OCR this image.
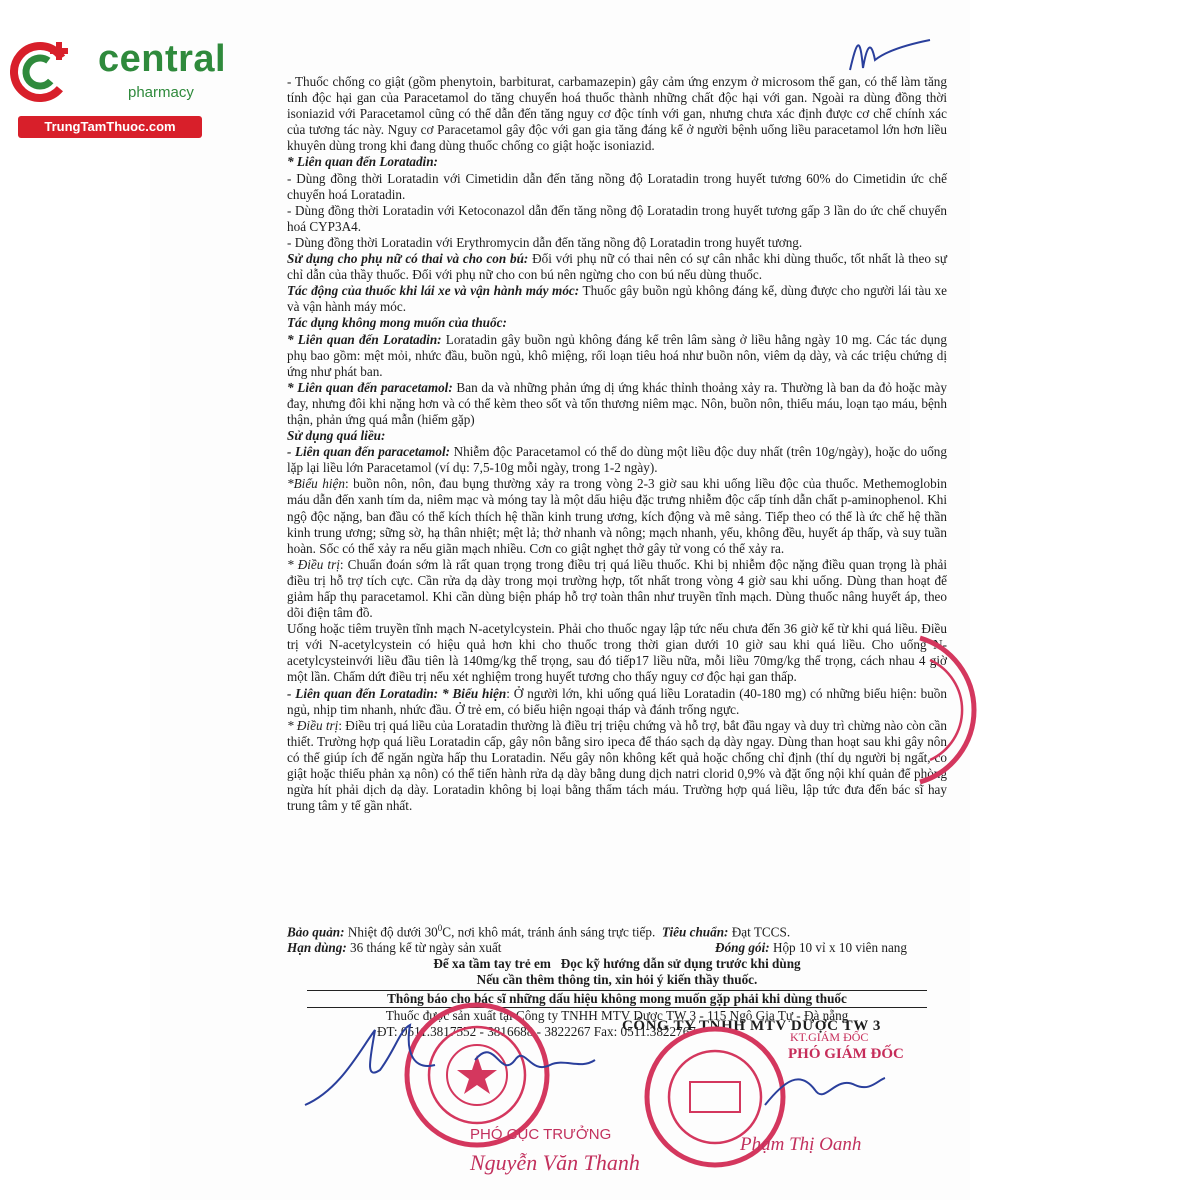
central
pharmacy
TrungTamThuoc.com

- Thuốc chống co giật (gồm phenytoin, barbiturat, carbamazepin) gây cảm ứng enzym ở microsom thể gan, có thể làm tăng tính độc hại gan của Paracetamol do tăng chuyển hoá thuốc thành những chất độc hại với gan. Ngoài ra dùng đồng thời isoniazid với Paracetamol cũng có thể dẫn đến tăng nguy cơ độc tính với gan, nhưng chưa xác định được cơ chế chính xác của tương tác này. Nguy cơ Paracetamol gây độc với gan gia tăng đáng kể ở người bệnh uống liều paracetamol lớn hơn liều khuyên dùng trong khi đang dùng thuốc chống co giật hoặc isoniazid.

* Liên quan đến Loratadin:

- Dùng đồng thời Loratadin với Cimetidin dẫn đến tăng nồng độ Loratadin trong huyết tương 60% do Cimetidin ức chế chuyển hoá Loratadin.

- Dùng đồng thời Loratadin với Ketoconazol dẫn đến tăng nồng độ Loratadin trong huyết tương gấp 3 lần do ức chế chuyển hoá CYP3A4.

- Dùng đồng thời Loratadin với Erythromycin dẫn đến tăng nồng độ Loratadin trong huyết tương.

Sử dụng cho phụ nữ có thai và cho con bú: Đối với phụ nữ có thai nên có sự cân nhắc khi dùng thuốc, tốt nhất là theo sự chỉ dẫn của thầy thuốc. Đối với phụ nữ cho con bú nên ngừng cho con bú nếu dùng thuốc.

Tác động của thuốc khi lái xe và vận hành máy móc: Thuốc gây buồn ngủ không đáng kể, dùng được cho người lái tàu xe và vận hành máy móc.

Tác dụng không mong muốn của thuốc:

* Liên quan đến Loratadin: Loratadin gây buồn ngủ không đáng kể trên lâm sàng ở liều hằng ngày 10 mg. Các tác dụng phụ bao gồm: mệt mỏi, nhức đầu, buồn ngủ, khô miệng, rối loạn tiêu hoá như buồn nôn, viêm dạ dày, và các triệu chứng dị ứng như phát ban.

* Liên quan đến paracetamol: Ban da và những phản ứng dị ứng khác thỉnh thoảng xảy ra. Thường là ban da đỏ hoặc mày đay, nhưng đôi khi nặng hơn và có thể kèm theo sốt và tổn thương niêm mạc. Nôn, buồn nôn, thiếu máu, loạn tạo máu, bệnh thận, phản ứng quá mẫn (hiếm gặp)

Sử dụng quá liều:

- Liên quan đến paracetamol: Nhiễm độc Paracetamol có thể do dùng một liều độc duy nhất (trên 10g/ngày), hoặc do uống lặp lại liều lớn Paracetamol (ví dụ: 7,5-10g mỗi ngày, trong 1-2 ngày).

*Biểu hiện: buồn nôn, nôn, đau bụng thường xảy ra trong vòng 2-3 giờ sau khi uống liều độc của thuốc. Methemoglobin máu dẫn đến xanh tím da, niêm mạc và móng tay là một dấu hiệu đặc trưng nhiễm độc cấp tính dẫn chất p-aminophenol. Khi ngộ độc nặng, ban đầu có thể kích thích hệ thần kinh trung ương, kích động và mê sảng. Tiếp theo có thể là ức chế hệ thần kinh trung ương; sững sờ, hạ thân nhiệt; mệt lả; thở nhanh và nông; mạch nhanh, yếu, không đều, huyết áp thấp, và suy tuần hoàn. Sốc có thể xảy ra nếu giãn mạch nhiều. Cơn co giật nghẹt thở gây tử vong có thể xảy ra.

* Điều trị: Chuẩn đoán sớm là rất quan trọng trong điều trị quá liều thuốc. Khi bị nhiễm độc nặng điều quan trọng là phải điều trị hỗ trợ tích cực. Cần rửa dạ dày trong mọi trường hợp, tốt nhất trong vòng 4 giờ sau khi uống. Dùng than hoạt để giảm hấp thụ paracetamol. Khi cần dùng biện pháp hỗ trợ toàn thân như truyền tĩnh mạch. Dùng thuốc nâng huyết áp, theo dõi điện tâm đồ.

Uống hoặc tiêm truyền tĩnh mạch N-acetylcystein. Phải cho thuốc ngay lập tức nếu chưa đến 36 giờ kể từ khi quá liều. Điều trị với N-acetylcystein có hiệu quả hơn khi cho thuốc trong thời gian dưới 10 giờ sau khi quá liều. Cho uống N-acetylcysteinvới liều đầu tiên là 140mg/kg thể trọng, sau đó tiếp17 liều nữa, mỗi liều 70mg/kg thể trọng, cách nhau 4 giờ một lần. Chấm dứt điều trị nếu xét nghiệm trong huyết tương cho thấy nguy cơ độc hại gan thấp.

- Liên quan đến Loratadin: * Biểu hiện: Ở người lớn, khi uống quá liều Loratadin (40-180 mg) có những biểu hiện: buồn ngủ, nhịp tim nhanh, nhức đầu. Ở trẻ em, có biểu hiện ngoại tháp và đánh trống ngực.

* Điều trị: Điều trị quá liều của Loratadin thường là điều trị triệu chứng và hỗ trợ, bắt đầu ngay và duy trì chừng nào còn cần thiết. Trường hợp quá liều Loratadin cấp, gây nôn bằng siro ipeca để tháo sạch dạ dày ngay. Dùng than hoạt sau khi gây nôn có thể giúp ích để ngăn ngừa hấp thu Loratadin. Nếu gây nôn không kết quả hoặc chống chỉ định (thí dụ người bị ngất, co giật hoặc thiếu phản xạ nôn) có thể tiến hành rửa dạ dày bằng dung dịch natri clorid 0,9% và đặt ống nội khí quản để phòng ngừa hít phải dịch dạ dày. Loratadin không bị loại bằng thẩm tách máu. Trường hợp quá liều, lập tức đưa đến bác sĩ hay trung tâm y tế gần nhất.

Bảo quản: Nhiệt độ dưới $30^0C$, nơi khô mát, tránh ánh sáng trực tiếp. Tiêu chuẩn: Đạt TCCS.
Hạn dùng: 36 tháng kể từ ngày sản xuất	Đóng gói: Hộp 10 vỉ x 10 viên nang
Để xa tầm tay trẻ em   Đọc kỹ hướng dẫn sử dụng trước khi dùng
Nếu cần thêm thông tin, xin hỏi ý kiến thầy thuốc.
Thông báo cho bác sĩ những dấu hiệu không mong muốn gặp phải khi dùng thuốc
Thuốc được sản xuất tại Công ty TNHH MTV Dược TW 3 - 115 Ngô Gia Tự - Đà nẵng
ĐT: 0511.3817552 - 3816688 - 3822267 Fax: 0511.3822767
CÔNG TY TNHH MTV DƯỢC TW 3
KT.GIÁM ĐỐC
PHÓ GIÁM ĐỐC
PHÓ CỤC TRƯỞNG
Nguyễn Văn Thanh
Phạm Thị Oanh
